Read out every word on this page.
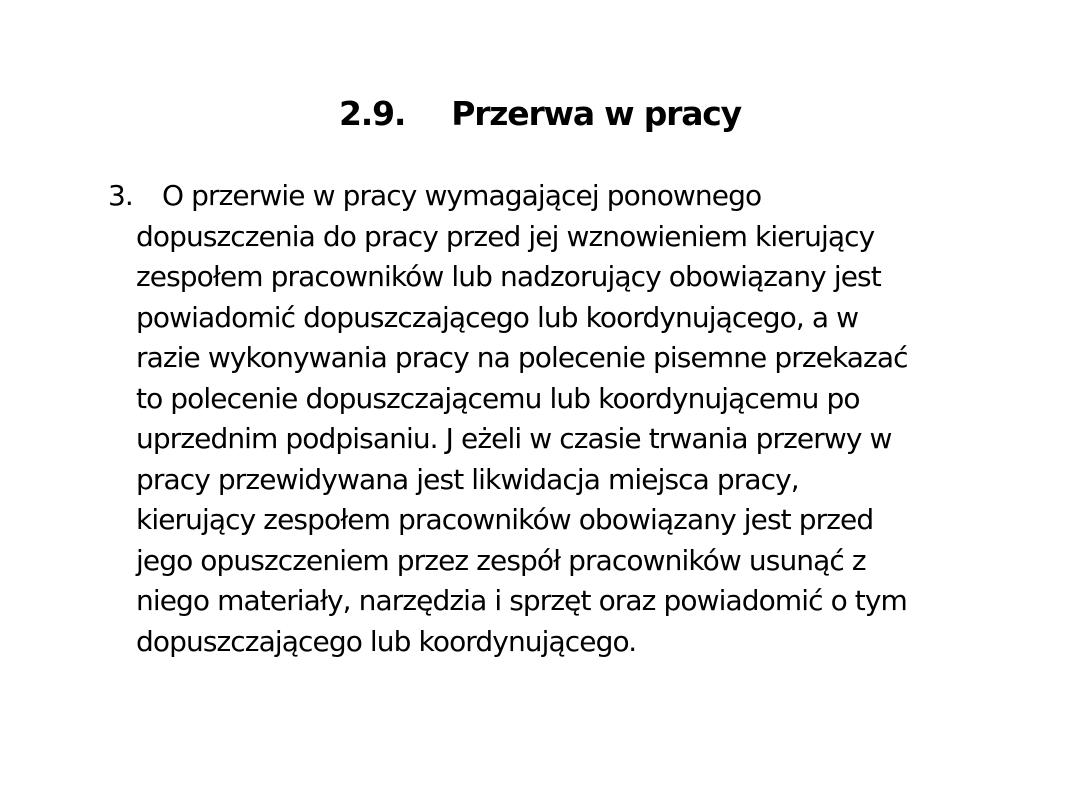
2.9. Przerwa w pracy
3.	O przerwie w pracy wymagającej ponownego
dopuszczenia do pracy przed jej wznowieniem kierujący
zespołem pracowników lub nadzorujący obowiązany jest
powiadomić dopuszczającego lub koordynującego, a w
razie wykonywania pracy na polecenie pisemne przekazać
to polecenie dopuszczającemu lub koordynującemu po
uprzednim podpisaniu. J eżeli w czasie trwania przerwy w
pracy przewidywana jest likwidacja miejsca pracy,
kierujący zespołem pracowników obowiązany jest przed
jego opuszczeniem przez zespół pracowników usunąć z
niego materiały, narzędzia i sprzęt oraz powiadomić o tym
dopuszczającego lub koordynującego.
